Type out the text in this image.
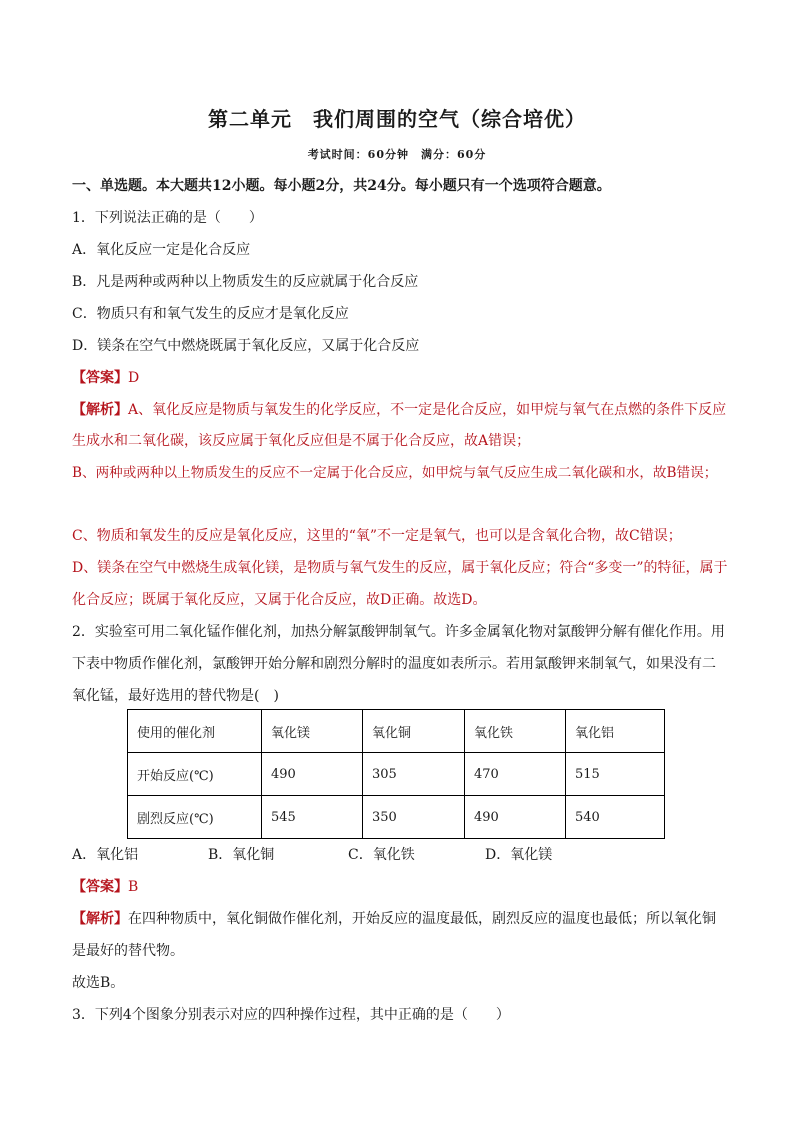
第二单元　我们周围的空气（综合培优）
考试时间：60分钟　满分：60分
一、单选题。本大题共12小题。每小题2分，共24分。每小题只有一个选项符合题意。
1．下列说法正确的是（　　）
A．氧化反应一定是化合反应
B．凡是两种或两种以上物质发生的反应就属于化合反应
C．物质只有和氧气发生的反应才是氧化反应
D．镁条在空气中燃烧既属于氧化反应，又属于化合反应
【答案】D
【解析】A、氧化反应是物质与氧发生的化学反应，不一定是化合反应，如甲烷与氧气在点燃的条件下反应
生成水和二氧化碳，该反应属于氧化反应但是不属于化合反应，故A错误；
B、两种或两种以上物质发生的反应不一定属于化合反应，如甲烷与氧气反应生成二氧化碳和水，故B错误；
C、物质和氧发生的反应是氧化反应，这里的“氧”不一定是氧气，也可以是含氧化合物，故C错误；
D、镁条在空气中燃烧生成氧化镁，是物质与氧气发生的反应，属于氧化反应；符合“多变一”的特征，属于
化合反应；既属于氧化反应，又属于化合反应，故D正确。故选D。
2．实验室可用二氧化锰作催化剂，加热分解氯酸钾制氧气。许多金属氧化物对氯酸钾分解有催化作用。用
下表中物质作催化剂，氯酸钾开始分解和剧烈分解时的温度如表所示。若用氯酸钾来制氧气，如果没有二
氧化锰，最好选用的替代物是(　)
使用的催化剂	氧化镁	氧化铜	氧化铁	氧化铝
开始反应(℃)	490	305	470	515
剧烈反应(℃)	545	350	490	540
A．氧化铝	B．氧化铜	C．氧化铁	D．氧化镁
【答案】B
【解析】在四种物质中，氧化铜做作催化剂，开始反应的温度最低，剧烈反应的温度也最低；所以氧化铜
是最好的替代物。
故选B。
3．下列4个图象分别表示对应的四种操作过程，其中正确的是（　　）
